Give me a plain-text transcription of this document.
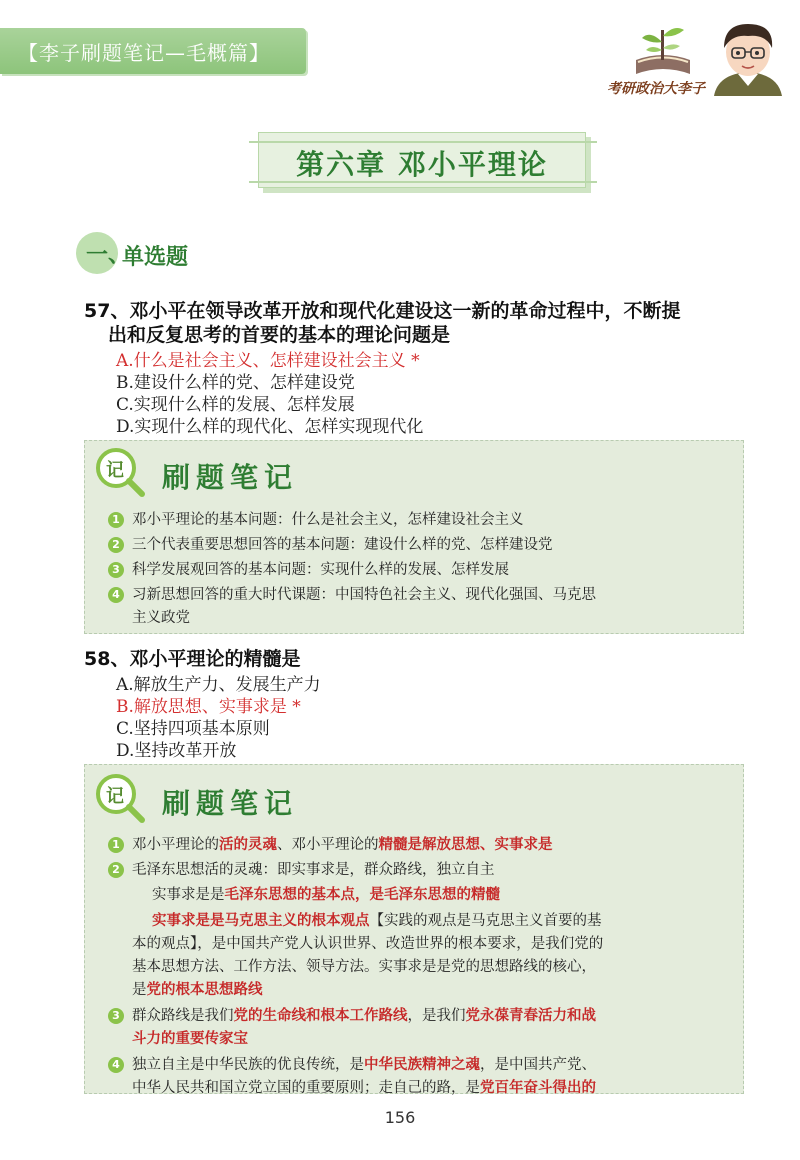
【李子刷题笔记—毛概篇】
考研政治大李子
第六章 邓小平理论
一、
单选题
57、邓小平在领导改革开放和现代化建设这一新的革命过程中，不断提
出和反复思考的首要的基本的理论问题是
A.什么是社会主义、怎样建设社会主义 *
B.建设什么样的党、怎样建设党
C.实现什么样的发展、怎样发展
D.实现什么样的现代化、怎样实现现代化
记 刷题笔记
1 邓小平理论的基本问题：什么是社会主义，怎样建设社会主义
2 三个代表重要思想回答的基本问题：建设什么样的党、怎样建设党
3 科学发展观回答的基本问题：实现什么样的发展、怎样发展
4 习新思想回答的重大时代课题：中国特色社会主义、现代化强国、马克思
主义政党
58、邓小平理论的精髓是
A.解放生产力、发展生产力
B.解放思想、实事求是 *
C.坚持四项基本原则
D.坚持改革开放
记 刷题笔记
1 邓小平理论的活的灵魂、邓小平理论的精髓是解放思想、实事求是
2 毛泽东思想活的灵魂：即实事求是，群众路线，独立自主
实事求是是毛泽东思想的基本点，是毛泽东思想的精髓
实事求是是马克思主义的根本观点【实践的观点是马克思主义首要的基
本的观点】，是中国共产党人认识世界、改造世界的根本要求，是我们党的
基本思想方法、工作方法、领导方法。实事求是是党的思想路线的核心，
是党的根本思想路线
3 群众路线是我们党的生命线和根本工作路线，是我们党永葆青春活力和战
斗力的重要传家宝
4 独立自主是中华民族的优良传统，是中华民族精神之魂，是中国共产党、
中华人民共和国立党立国的重要原则；走自己的路，是党百年奋斗得出的
156
